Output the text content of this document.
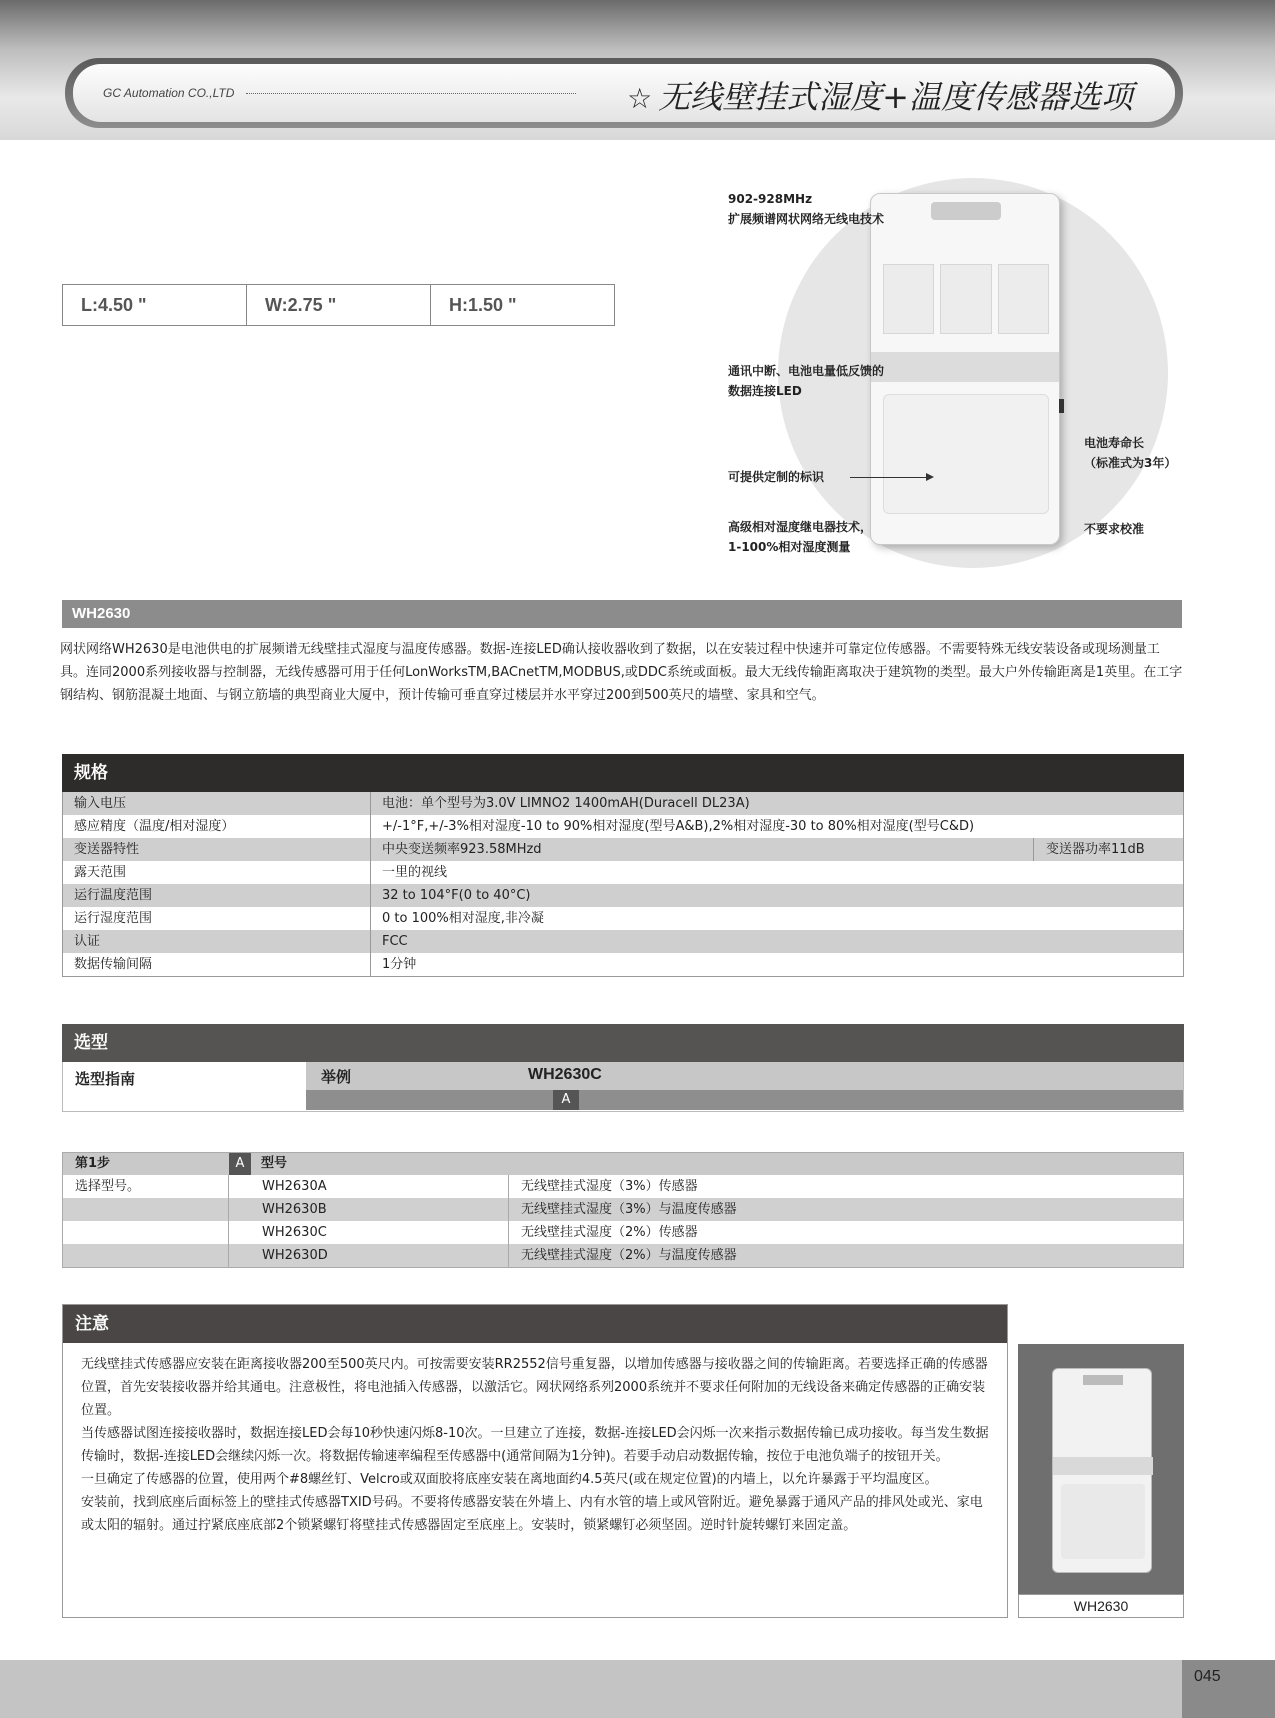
GC Automation CO.,LTD	☆ 无线壁挂式湿度+温度传感器选项
L:4.50 "	W:2.75 "	H:1.50 "
902-928MHz
扩展频谱网状网络无线电技术
通讯中断、电池电量低反馈的
数据连接LED
可提供定制的标识
高级相对湿度继电器技术，
1-100%相对湿度测量
电池寿命长
（标准式为3年）
不要求校准
WH2630
网状网络WH2630是电池供电的扩展频谱无线壁挂式湿度与温度传感器。数据-连接LED确认接收器收到了数据，以在安装过程中快速并可靠定位传感器。不需要特殊无线安装设备或现场测量工具。连同2000系列接收器与控制器，无线传感器可用于任何LonWorksTM,BACnetTM,MODBUS,或DDC系统或面板。最大无线传输距离取决于建筑物的类型。最大户外传输距离是1英里。在工字钢结构、钢筋混凝土地面、与钢立筋墙的典型商业大厦中，预计传输可垂直穿过楼层并水平穿过200到500英尺的墙壁、家具和空气。
规格
输入电压	电池：单个型号为3.0V LIMNO2 1400mAH(Duracell DL23A)
感应精度（温度/相对湿度）	+/-1°F,+/-3%相对湿度-10 to 90%相对湿度(型号A&B),2%相对湿度-30 to 80%相对湿度(型号C&D)
变送器特性	中央变送频率923.58MHzd	变送器功率11dB
露天范围	一里的视线
运行温度范围	32 to 104°F(0 to 40°C)
运行湿度范围	0 to 100%相对湿度,非冷凝
认证	FCC
数据传输间隔	1分钟
选型
选型指南	举例	WH2630C
A
第1步	A	型号
选择型号。	WH2630A	无线壁挂式湿度（3%）传感器
WH2630B	无线壁挂式湿度（3%）与温度传感器
WH2630C	无线壁挂式湿度（2%）传感器
WH2630D	无线壁挂式湿度（2%）与温度传感器
注意

无线壁挂式传感器应安装在距离接收器200至500英尺内。可按需要安装RR2552信号重复器，以增加传感器与接收器之间的传输距离。若要选择正确的传感器位置，首先安装接收器并给其通电。注意极性，将电池插入传感器，以激活它。网状网络系列2000系统并不要求任何附加的无线设备来确定传感器的正确安装位置。

当传感器试图连接接收器时，数据连接LED会每10秒快速闪烁8-10次。一旦建立了连接，数据-连接LED会闪烁一次来指示数据传输已成功接收。每当发生数据传输时，数据-连接LED会继续闪烁一次。将数据传输速率编程至传感器中(通常间隔为1分钟)。若要手动启动数据传输，按位于电池负端子的按钮开关。

一旦确定了传感器的位置，使用两个#8螺丝钉、Velcro或双面胶将底座安装在离地面约4.5英尺(或在规定位置)的内墙上，以允许暴露于平均温度区。

安装前，找到底座后面标签上的壁挂式传感器TXID号码。不要将传感器安装在外墙上、内有水管的墙上或风管附近。避免暴露于通风产品的排风处或光、家电或太阳的辐射。通过拧紧底座底部2个锁紧螺钉将壁挂式传感器固定至底座上。安装时，锁紧螺钉必须坚固。逆时针旋转螺钉来固定盖。

WH2630
045
